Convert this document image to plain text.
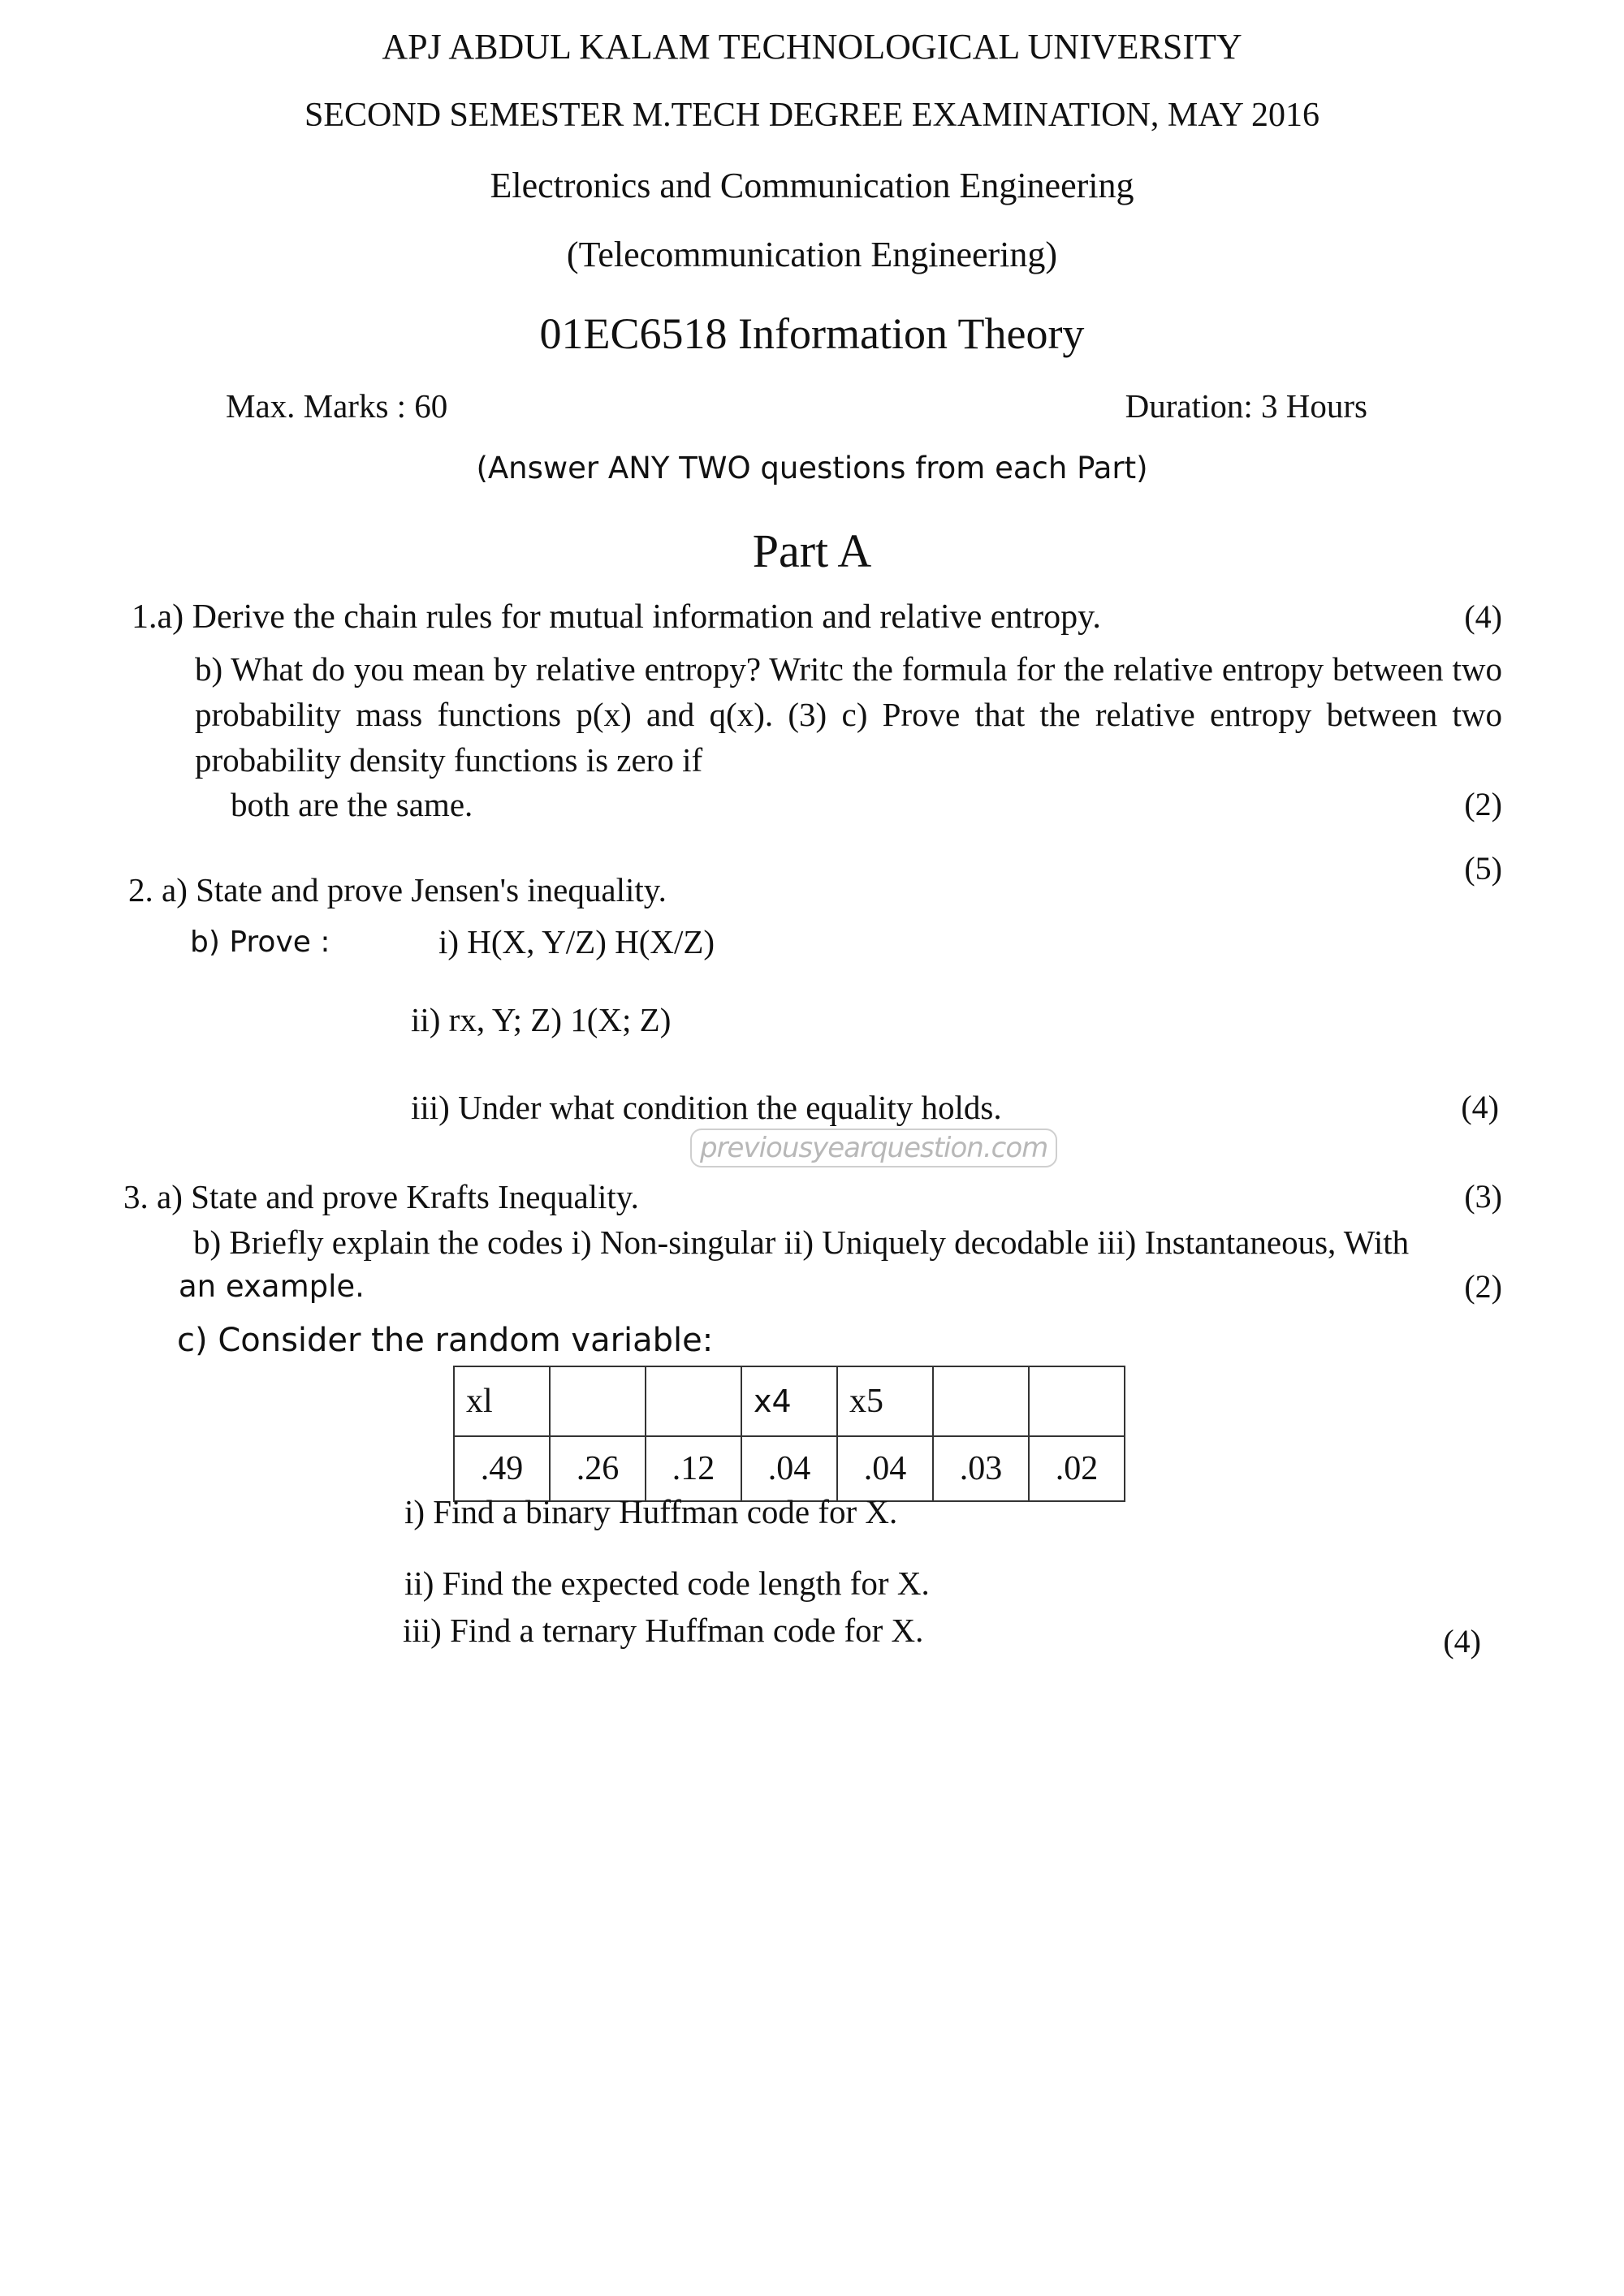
APJ ABDUL KALAM TECHNOLOGICAL UNIVERSITY
SECOND SEMESTER M.TECH DEGREE EXAMINATION, MAY 2016
Electronics and Communication Engineering
(Telecommunication Engineering)
01EC6518 Information Theory
Max. Marks : 60	Duration: 3 Hours
(Answer ANY TWO questions from each Part)
Part A
1.a) Derive the chain rules for mutual information and relative entropy.	(4)
b) What do you mean by relative entropy? Writc the formula for the relative entropy between two probability mass functions p(x) and q(x). (3) c) Prove that the relative entropy between two probability density functions is zero if
both are the same.	(2)
(5)
2. a) State and prove Jensen's inequality.
b) Prove :	i) H(X, Y/Z) H(X/Z)
ii) rx, Y; Z) 1(X; Z)
iii) Under what condition the equality holds.	(4)
previousyearquestion.com
3. a) State and prove Krafts Inequality.	(3)
b) Briefly explain the codes i) Non-singular ii) Uniquely decodable iii) Instantaneous, With
an example.	(2)
c) Consider the random variable:
xl			x4	x5		
.49	.26	.12	.04	.04	.03	.02
i) Find a binary Huffman code for X.
ii) Find the expected code length for X.
iii) Find a ternary Huffman code for X.	(4)
